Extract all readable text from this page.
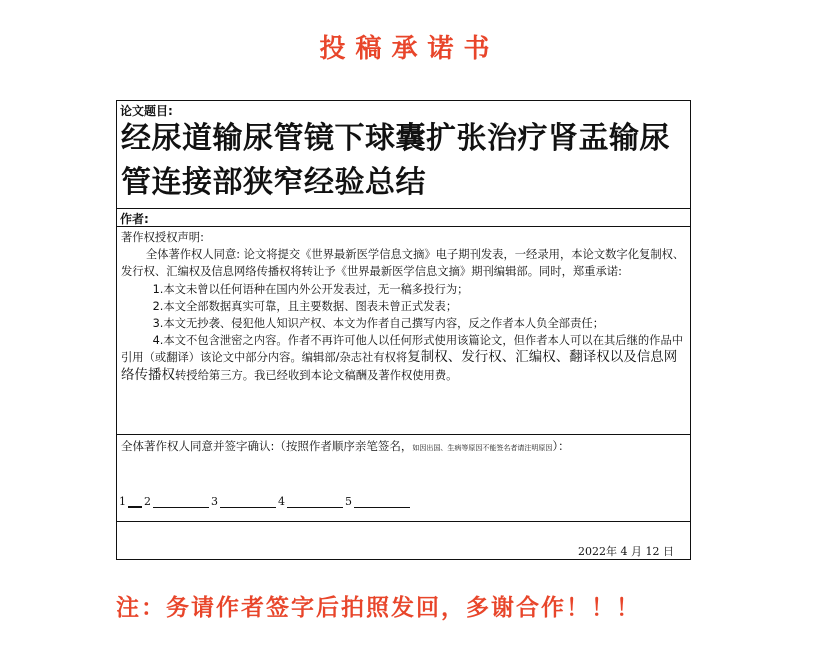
投稿承诺书
论文题目:
经尿道输尿管镜下球囊扩张治疗肾盂输尿管连接部狭窄经验总结
作者:

著作权授权声明:

全体著作权人同意: 论文将提交《世界最新医学信息文摘》电子期刊发表，一经录用，本论文数字化复制权、发行权、汇编权及信息网络传播权将转让予《世界最新医学信息文摘》期刊编辑部。同时，郑重承诺:

1.本文未曾以任何语种在国内外公开发表过，无一稿多投行为；

2.本文全部数据真实可靠，且主要数据、图表未曾正式发表；

3.本文无抄袭、侵犯他人知识产权、本文为作者自己撰写内容，反之作者本人负全部责任；

4.本文不包含泄密之内容。作者不再许可他人以任何形式使用该篇论文，但作者本人可以在其后继的作品中引用（或翻译）该论文中部分内容。编辑部/杂志社有权将复制权、发行权、汇编权、翻译权以及信息网络传播权转授给第三方。我已经收到本论文稿酬及著作权使用费。

全体著作权人同意并签字确认:（按照作者顺序亲笔签名，如因出国、生病等原因不能签名者请注明原因）：
1 2	3	4	5
2022年 4 月 12 日
注：务请作者签字后拍照发回，多谢合作！！！
